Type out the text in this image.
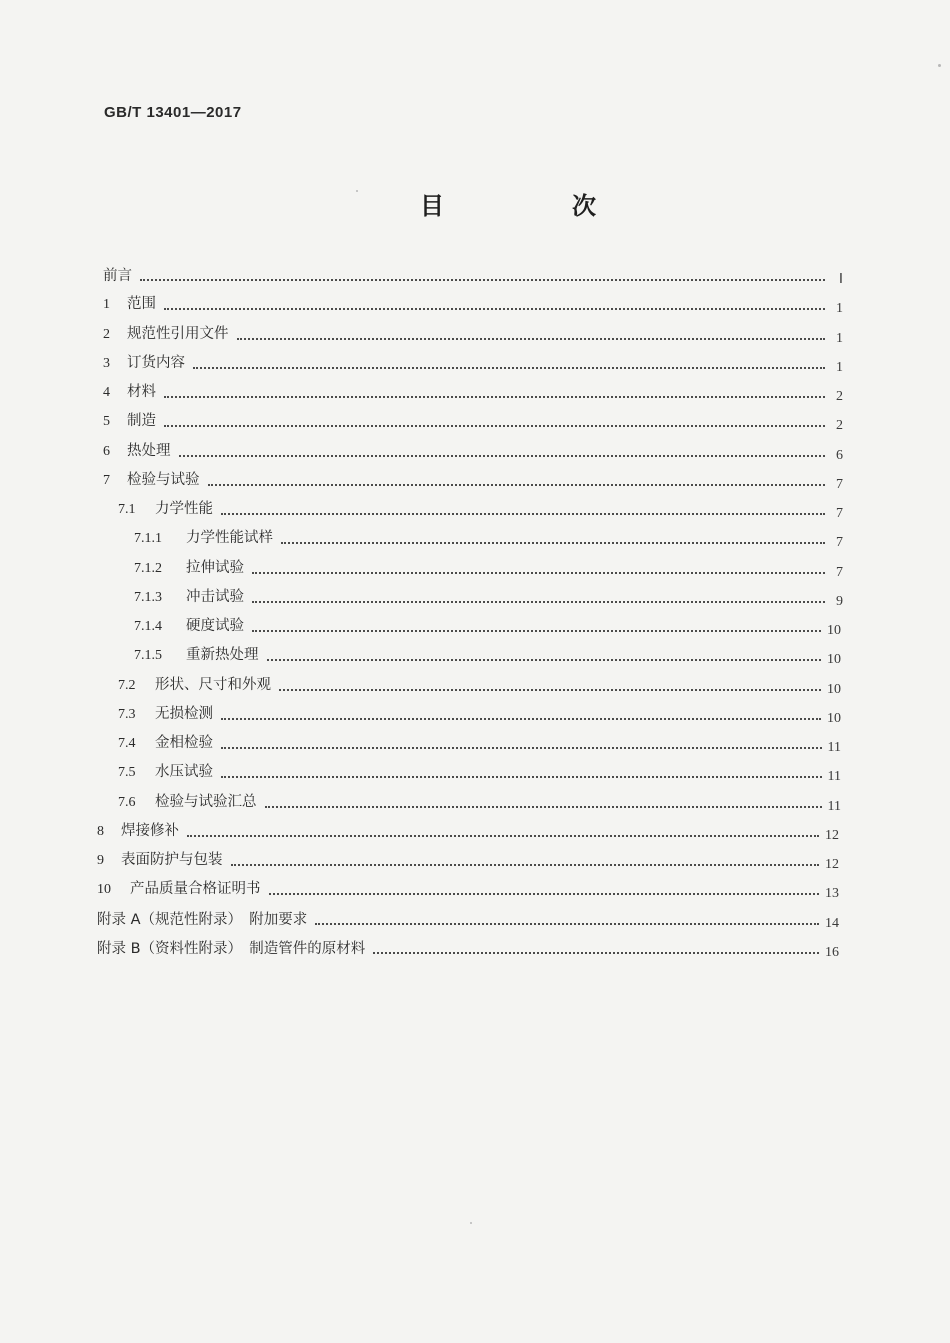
GB/T 13401—2017
目　次
前言	Ⅰ
1 范围	1
2 规范性引用文件	1
3 订货内容	1
4 材料	2
5 制造	2
6 热处理	6
7 检验与试验	7
7.1 力学性能	7
7.1.1 力学性能试样	7
7.1.2 拉伸试验	7
7.1.3 冲击试验	9
7.1.4 硬度试验	10
7.1.5 重新热处理	10
7.2 形状、尺寸和外观	10
7.3 无损检测	10
7.4 金相检验	11
7.5 水压试验	11
7.6 检验与试验汇总	11
8 焊接修补	12
9 表面防护与包装	12
10 产品质量合格证明书	13
附录 A（规范性附录）　附加要求	14
附录 B（资料性附录）　制造管件的原材料	16
